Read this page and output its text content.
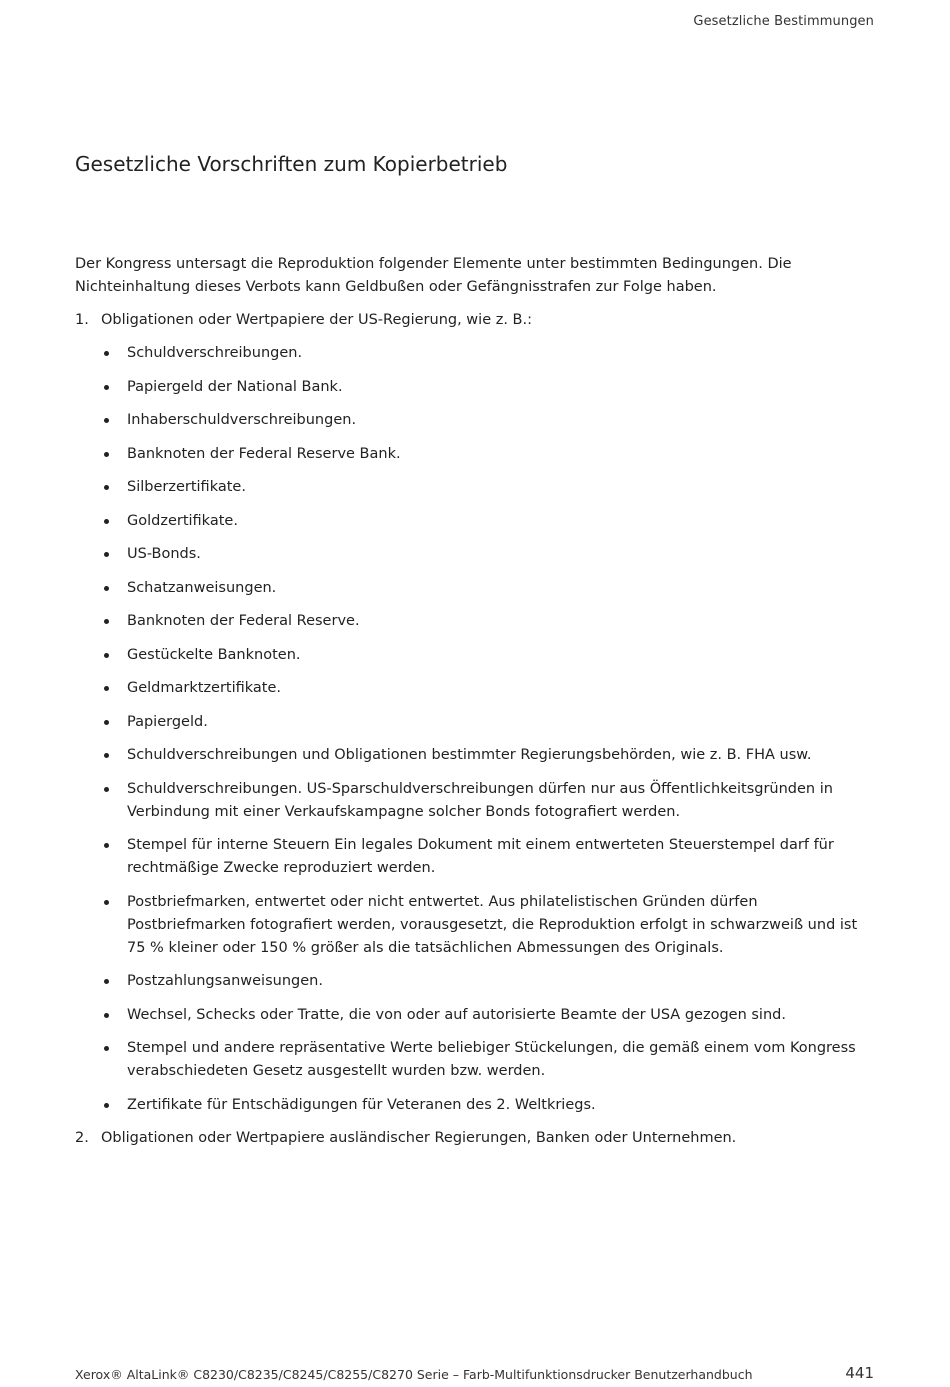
Gesetzliche Bestimmungen
Gesetzliche Vorschriften zum Kopierbetrieb

Der Kongress untersagt die Reproduktion folgender Elemente unter bestimmten Bedingungen. Die Nichteinhaltung dieses Verbots kann Geldbußen oder Gefängnisstrafen zur Folge haben.

1. Obligationen oder Wertpapiere der US-Regierung, wie z. B.:
Schuldverschreibungen.
Papiergeld der National Bank.
Inhaberschuldverschreibungen.
Banknoten der Federal Reserve Bank.
Silberzertifikate.
Goldzertifikate.
US-Bonds.
Schatzanweisungen.
Banknoten der Federal Reserve.
Gestückelte Banknoten.
Geldmarktzertifikate.
Papiergeld.
Schuldverschreibungen und Obligationen bestimmter Regierungsbehörden, wie z. B. FHA usw.
Schuldverschreibungen. US-Sparschuldverschreibungen dürfen nur aus Öffentlichkeitsgründen in Verbindung mit einer Verkaufskampagne solcher Bonds fotografiert werden.
Stempel für interne Steuern Ein legales Dokument mit einem entwerteten Steuerstempel darf für rechtmäßige Zwecke reproduziert werden.
Postbriefmarken, entwertet oder nicht entwertet. Aus philatelistischen Gründen dürfen Postbriefmarken fotografiert werden, vorausgesetzt, die Reproduktion erfolgt in schwarzweiß und ist 75 % kleiner oder 150 % größer als die tatsächlichen Abmessungen des Originals.
Postzahlungsanweisungen.
Wechsel, Schecks oder Tratte, die von oder auf autorisierte Beamte der USA gezogen sind.
Stempel und andere repräsentative Werte beliebiger Stückelungen, die gemäß einem vom Kongress verabschiedeten Gesetz ausgestellt wurden bzw. werden.
Zertifikate für Entschädigungen für Veteranen des 2. Weltkriegs.
2. Obligationen oder Wertpapiere ausländischer Regierungen, Banken oder Unternehmen.
Xerox® AltaLink® C8230/C8235/C8245/C8255/C8270 Serie – Farb-Multifunktionsdrucker Benutzerhandbuch	441
